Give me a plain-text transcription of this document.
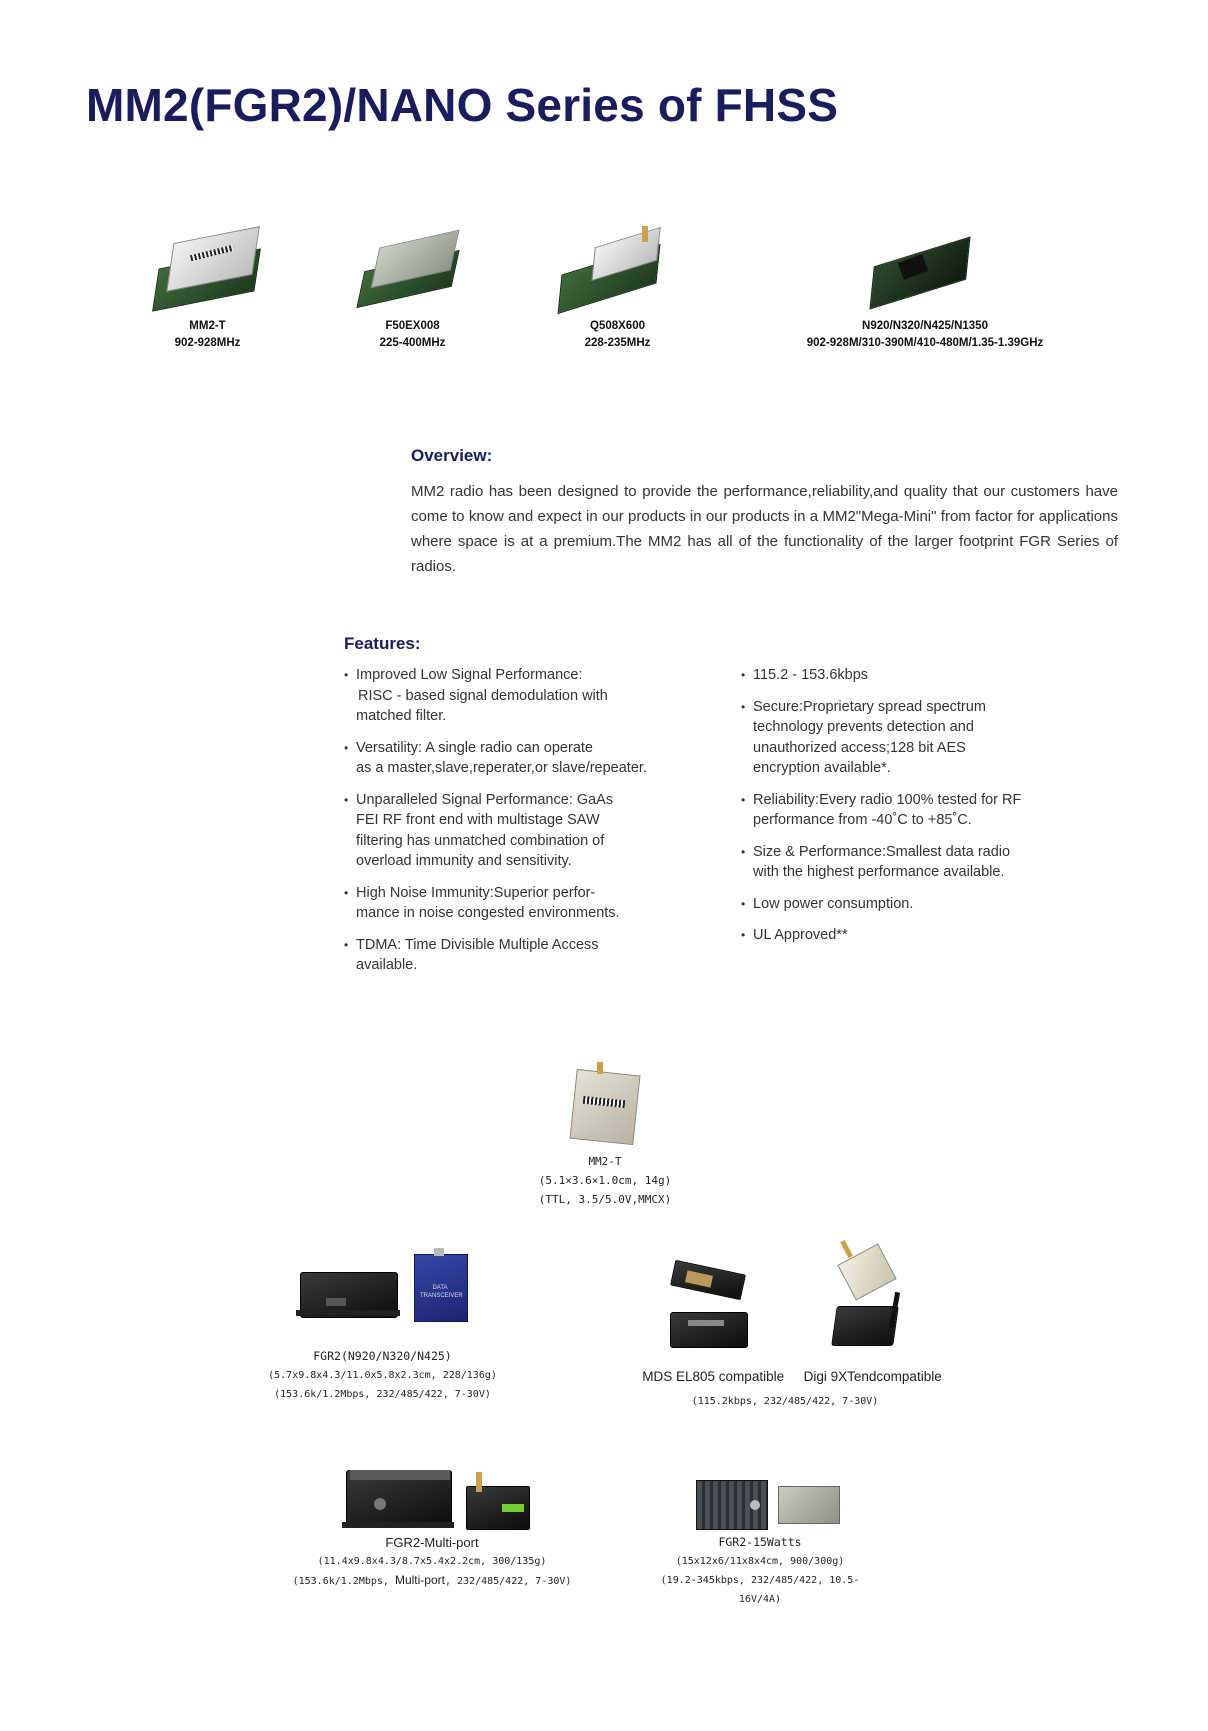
MM2(FGR2)/NANO Series of FHSS
MM2-T
902-928MHz
F50EX008
225-400MHz
Q508X600
228-235MHz
N920/N320/N425/N1350
902-928M/310-390M/410-480M/1.35-1.39GHz
Overview:

MM2 radio has been designed to provide the performance,reliability,and quality that our customers have come to know and expect in our products in our products in a MM2"Mega-Mini" from factor for applications where space is at a premium.The MM2 has all of the functionality of the larger footprint FGR Series of radios.

Features:
• Improved Low Signal Performance:
RISC - based signal demodulation with
matched filter.
• Versatility: A single radio can operate
as a master,slave,reperater,or slave/repeater.
• Unparalleled Signal Performance: GaAs
FEI RF front end with multistage SAW
filtering has unmatched combination of
overload immunity and sensitivity.
• High Noise Immunity:Superior perfor-
mance in noise congested environments.
• TDMA: Time Divisible Multiple Access
available.
• 115.2 - 153.6kbps
• Secure:Proprietary spread spectrum
technology prevents detection and
unauthorized access;128 bit AES
encryption available*.
• Reliability:Every radio 100% tested for RF
performance from -40˚C to +85˚C.
• Size & Performance:Smallest data radio
with the highest performance available.
• Low power consumption.
• UL Approved**
MM2-T
(5.1×3.6×1.0cm, 14g)
(TTL, 3.5/5.0V,MMCX)
DATA TRANSCEIVER
FGR2(N920/N320/N425)
(5.7x9.8x4.3/11.0x5.8x2.3cm, 228/136g)
(153.6k/1.2Mbps, 232/485/422, 7-30V)
MDS EL805 compatible Digi 9XTendcompatible
(115.2kbps, 232/485/422, 7-30V)
FGR2-Multi-port
(11.4x9.8x4.3/8.7x5.4x2.2cm, 300/135g)
(153.6k/1.2Mbps, Multi-port, 232/485/422, 7-30V)
FGR2-15Watts
(15x12x6/11x8x4cm, 900/300g)
(19.2-345kbps, 232/485/422, 10.5-16V/4A)
